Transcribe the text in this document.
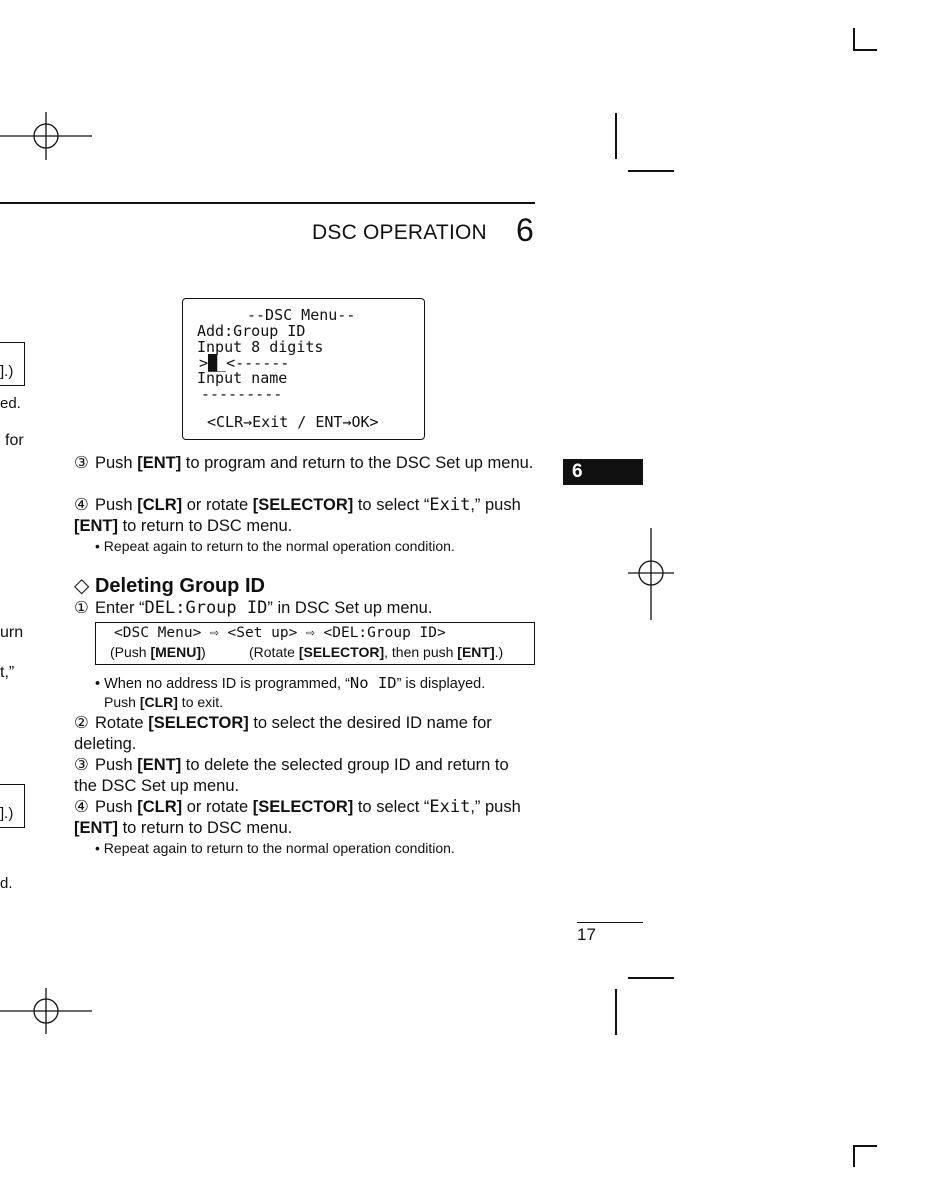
DSC OPERATION 6
6
].)
ed.
for
urn
t,”
].)
d.
--DSC Menu--
Add:Group ID
Input 8 digits
>█_<------
Input name
---------
<CLR→Exit / ENT→OK>
③ Push [ENT] to program and return to the DSC Set up menu.
④ Push [CLR] or rotate [SELECTOR] to select “Exit,” push [ENT] to return to DSC menu.
• Repeat again to return to the normal operation condition.
◇ Deleting Group ID
① Enter “DEL:Group ID” in DSC Set up menu.
<DSC Menu> ⇨ <Set up> ⇨ <DEL:Group ID>
(Push [MENU])	(Rotate [SELECTOR], then push [ENT].)
• When no address ID is programmed, “No ID” is displayed.
Push [CLR] to exit.
② Rotate [SELECTOR] to select the desired ID name for deleting.
③ Push [ENT] to delete the selected group ID and return to the DSC Set up menu.
④ Push [CLR] or rotate [SELECTOR] to select “Exit,” push [ENT] to return to DSC menu.
• Repeat again to return to the normal operation condition.
17
